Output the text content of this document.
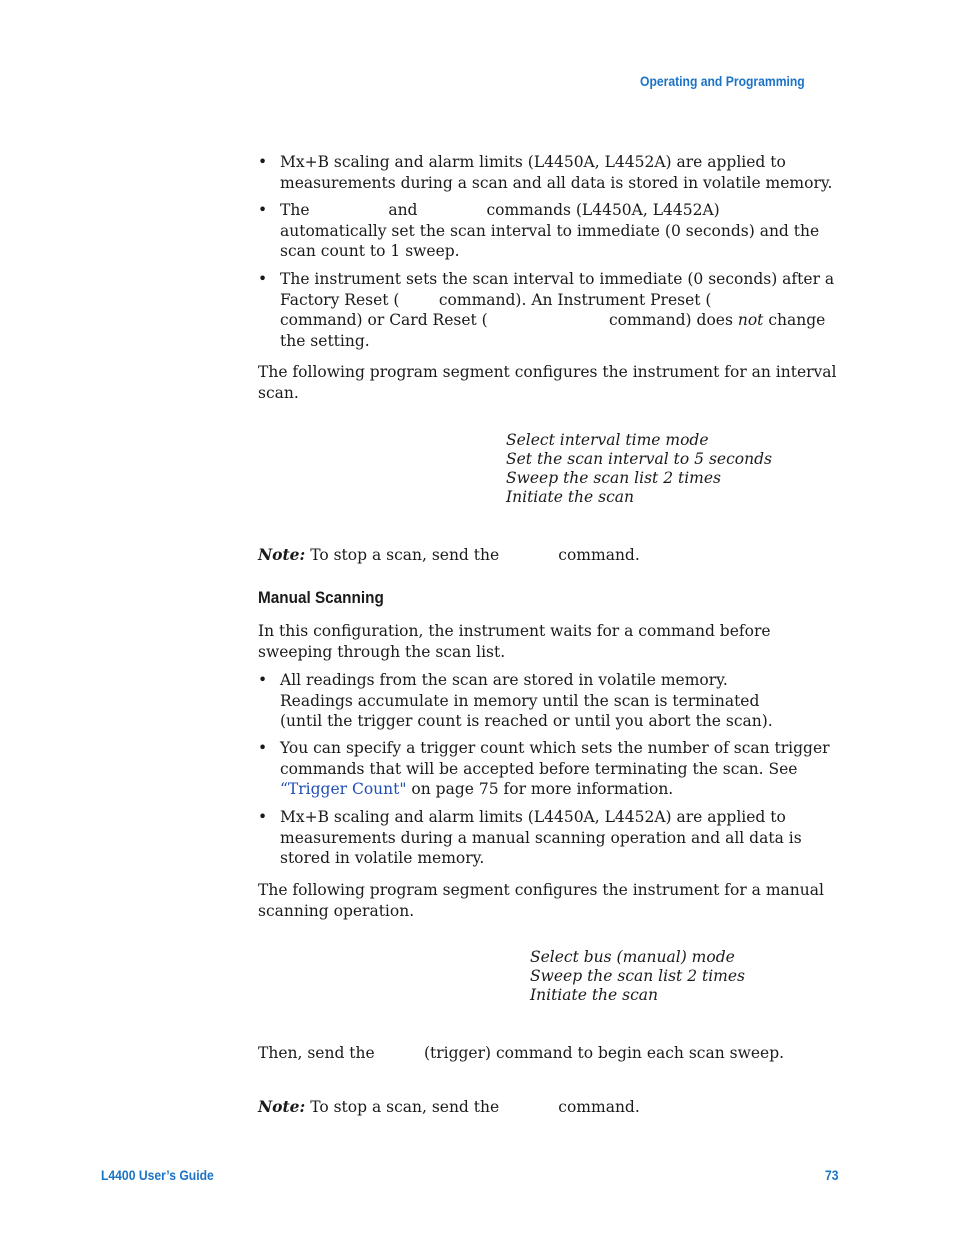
Operating and Programming
• Mx+B scaling and alarm limits (L4450A, L4452A) are applied to
measurements during a scan and all data is stored in volatile memory.
• The                and              commands (L4450A, L4452A)
automatically set the scan interval to immediate (0 seconds) and the
scan count to 1 sweep.
• The instrument sets the scan interval to immediate (0 seconds) after a
Factory Reset (        command). An Instrument Preset (
command) or Card Reset (	command) does not change
the setting.
The following program segment configures the instrument for an interval
scan.
Select interval time mode
Set the scan interval to 5 seconds
Sweep the scan list 2 times
Initiate the scan
Note: To stop a scan, send the            command.
Manual Scanning
In this configuration, the instrument waits for a command before
sweeping through the scan list.
• All readings from the scan are stored in volatile memory.
Readings accumulate in memory until the scan is terminated
(until the trigger count is reached or until you abort the scan).
• You can specify a trigger count which sets the number of scan trigger
commands that will be accepted before terminating the scan. See
“Trigger Count" on page 75 for more information.
• Mx+B scaling and alarm limits (L4450A, L4452A) are applied to
measurements during a manual scanning operation and all data is
stored in volatile memory.
The following program segment configures the instrument for a manual
scanning operation.
Select bus (manual) mode
Sweep the scan list 2 times
Initiate the scan
Then, send the          (trigger) command to begin each scan sweep.
Note: To stop a scan, send the            command.
L4400 User’s Guide	73
